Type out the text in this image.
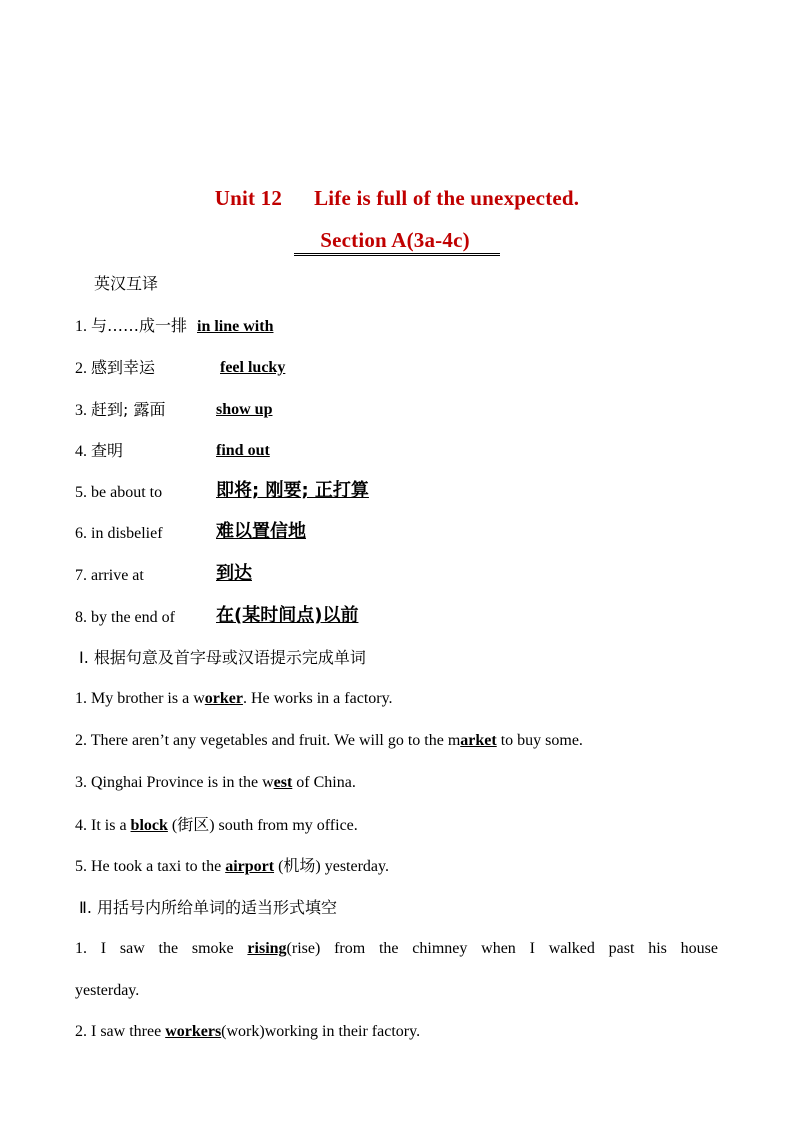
Unit 12 Life is full of the unexpected.
Section A(3a-4c)
英汉互译
1. 与……成一排 in line with
2. 感到幸运	feel lucky
3. 赶到; 露面	show up
4. 查明	find out
5. be about to	即将; 刚要; 正打算
6. in disbelief	难以置信地
7. arrive at	到达
8. by the end of 在(某时间点)以前
Ⅰ. 根据句意及首字母或汉语提示完成单词
1. My brother is a worker. He works in a factory.
2. There aren’t any vegetables and fruit. We will go to the market to buy some.
3. Qinghai Province is in the west of China.
4. It is a block (街区) south from my office.
5. He took a taxi to the airport (机场) yesterday.
Ⅱ. 用括号内所给单词的适当形式填空
1. I saw the smoke rising(rise) from the chimney when I walked past his house
yesterday.
2. I saw three workers(work)working in their factory.
